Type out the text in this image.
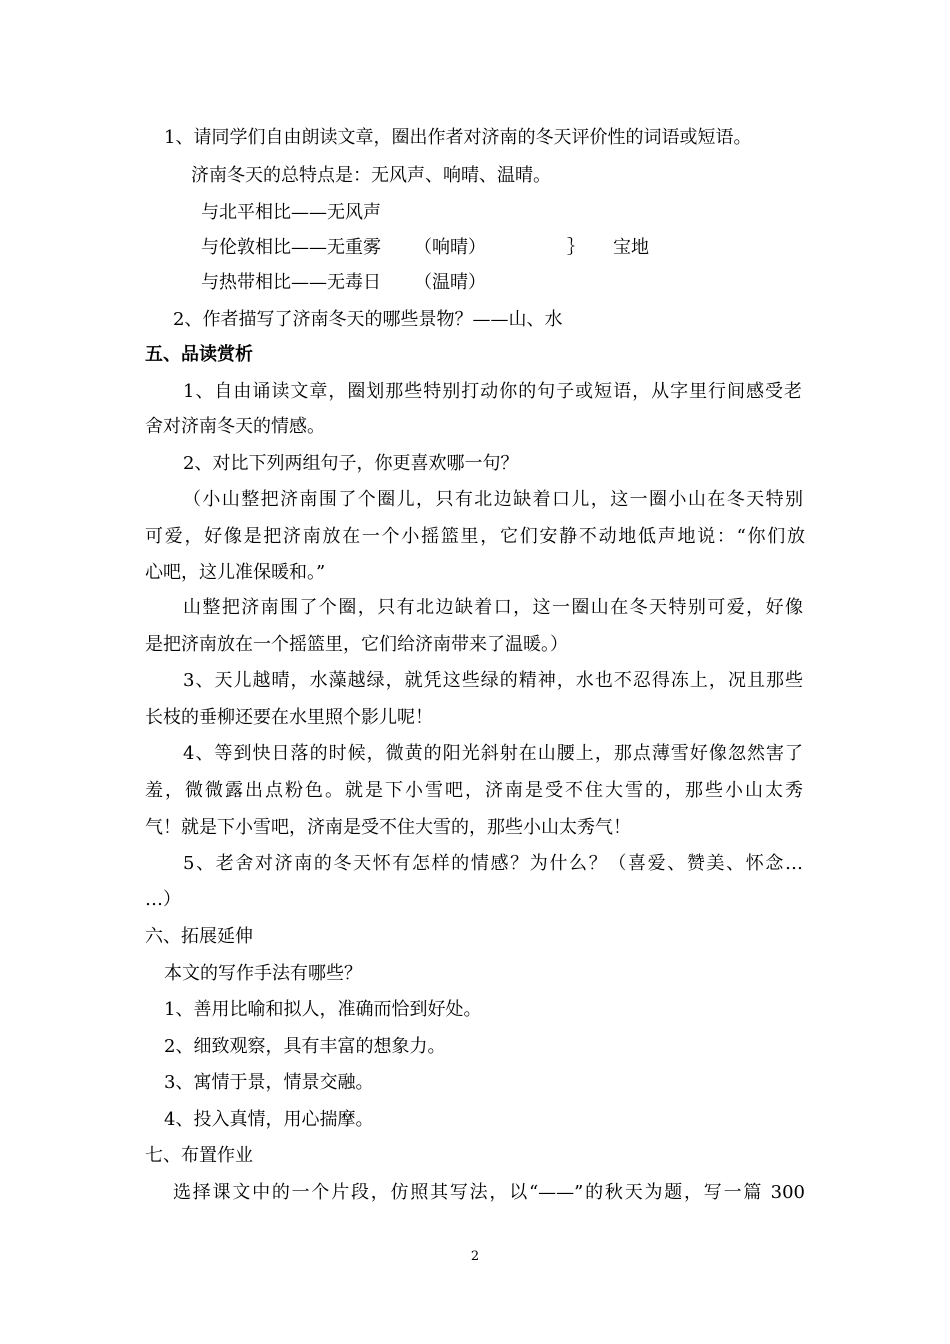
1、请同学们自由朗读文章，圈出作者对济南的冬天评价性的词语或短语。
济南冬天的总特点是：无风声、响晴、温晴。
与北平相比——无风声
与伦敦相比——无重雾 （响晴）	｝ 宝地
与热带相比——无毒日 （温晴）
2、作者描写了济南冬天的哪些景物？——山、水
五、品读赏析
1、自由诵读文章，圈划那些特别打动你的句子或短语，从字里行间感受老
舍对济南冬天的情感。
2、对比下列两组句子，你更喜欢哪一句？
（小山整把济南围了个圈儿，只有北边缺着口儿，这一圈小山在冬天特别
可爱，好像是把济南放在一个小摇篮里，它们安静不动地低声地说：“你们放
心吧，这儿准保暖和。”
山整把济南围了个圈，只有北边缺着口，这一圈山在冬天特别可爱，好像
是把济南放在一个摇篮里，它们给济南带来了温暖。）
3、天儿越晴，水藻越绿，就凭这些绿的精神，水也不忍得冻上，况且那些
长枝的垂柳还要在水里照个影儿呢！
4、等到快日落的时候，微黄的阳光斜射在山腰上，那点薄雪好像忽然害了
羞，微微露出点粉色。就是下小雪吧，济南是受不住大雪的，那些小山太秀
气！就是下小雪吧，济南是受不住大雪的，那些小山太秀气！
5、老舍对济南的冬天怀有怎样的情感？为什么？（喜爱、赞美、怀念…
…）
六、拓展延伸
本文的写作手法有哪些？
1、善用比喻和拟人，准确而恰到好处。
2、细致观察，具有丰富的想象力。
3、寓情于景，情景交融。
4、投入真情，用心揣摩。
七、布置作业
选择课文中的一个片段，仿照其写法，以“——”的秋天为题，写一篇 300
2
